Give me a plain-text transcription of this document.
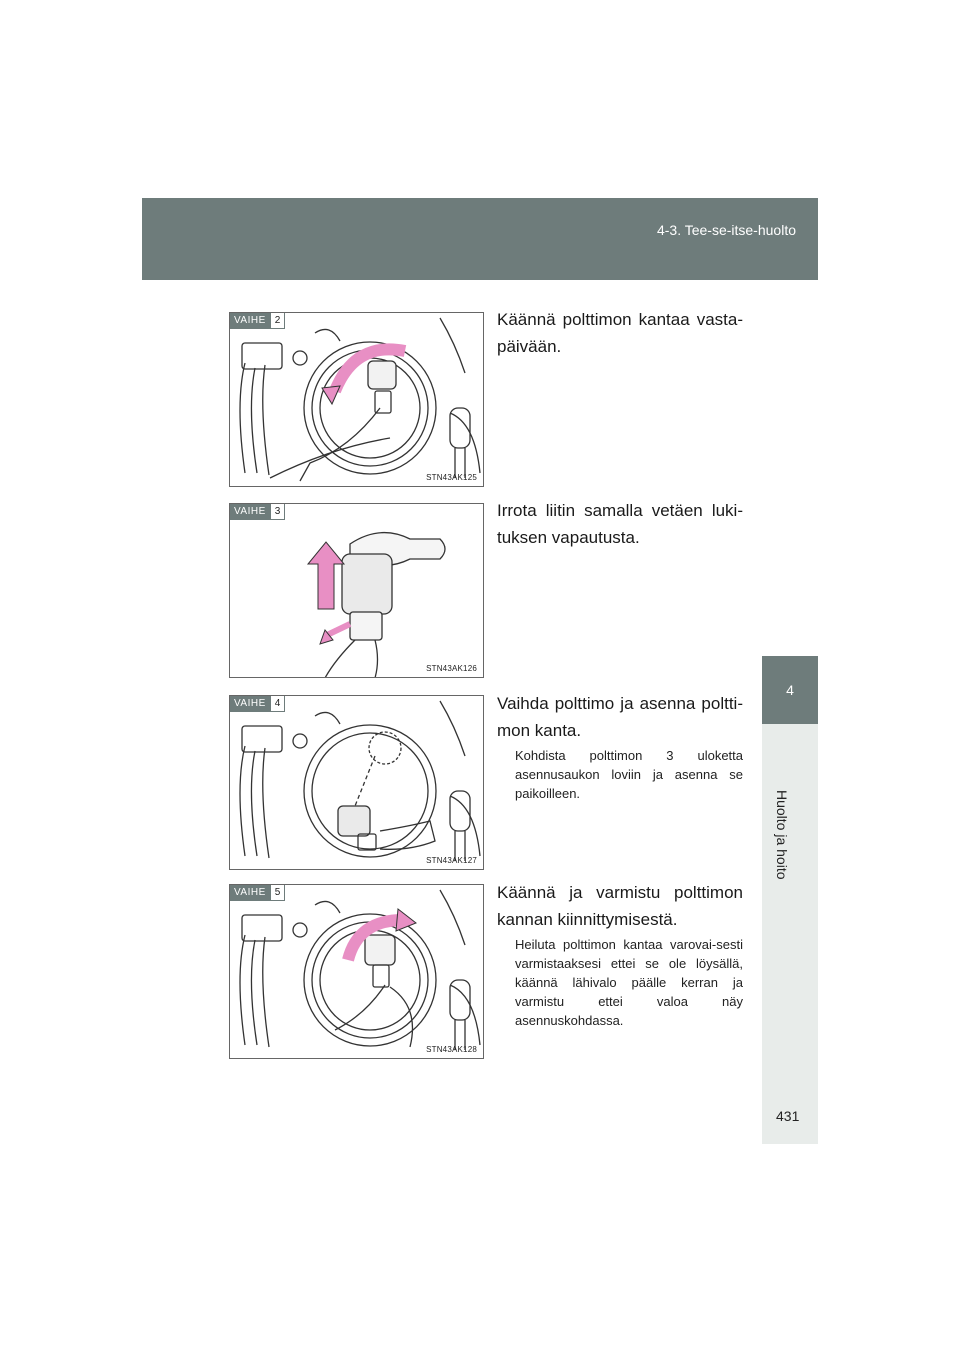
4-3. Tee-se-itse-huolto
4
Huolto ja hoito
VAIHE 2
STN43AK125
Käännä polttimon kantaa vasta-päivään.
VAIHE 3
STN43AK126
Irrota liitin samalla vetäen luki-tuksen vapautusta.
VAIHE 4
STN43AK127
Vaihda polttimo ja asenna poltti-mon kanta.
Kohdista polttimon 3 uloketta asennusaukon loviin ja asenna se paikoilleen.
VAIHE 5
STN43AK128
Käännä ja varmistu polttimon kannan kiinnittymisestä.
Heiluta polttimon kantaa varovai-sesti varmistaaksesi ettei se ole löysällä, käännä lähivalo päälle kerran ja varmistu ettei valoa näy asennuskohdassa.
431
